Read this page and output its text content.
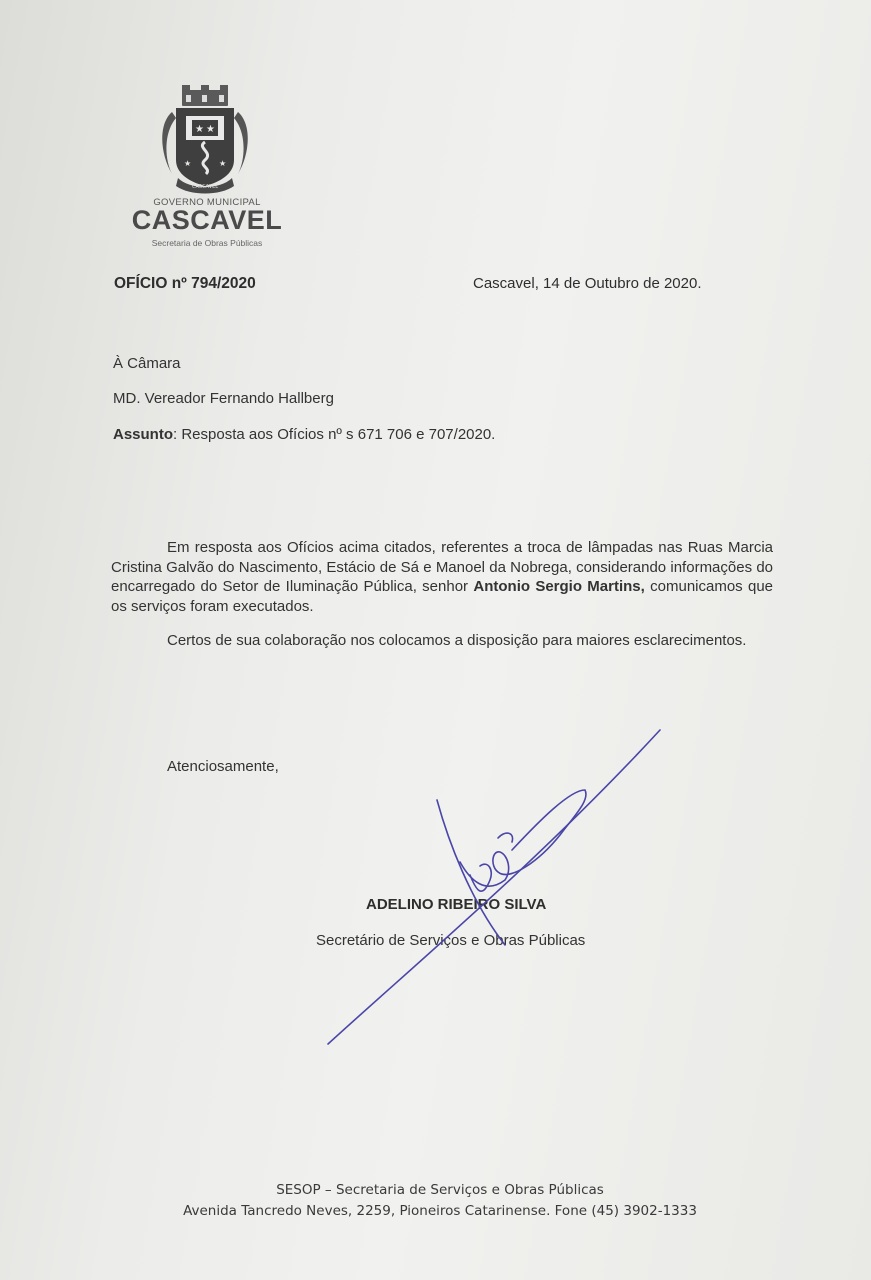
★ ★
★	★
CASCAVEL
GOVERNO MUNICIPAL
CASCAVEL
Secretaria de Obras Públicas
OFÍCIO nº 794/2020	Cascavel, 14 de Outubro de 2020.
À Câmara
MD. Vereador Fernando Hallberg
Assunto: Resposta aos Ofícios nº s 671 706 e 707/2020.
Em resposta aos Ofícios acima citados, referentes a troca de lâmpadas nas Ruas Marcia Cristina Galvão do Nascimento, Estácio de Sá e Manoel da Nobrega, considerando informações do encarregado do Setor de Iluminação Pública, senhor Antonio Sergio Martins, comunicamos que os serviços foram executados.
Certos de sua colaboração nos colocamos a disposição para maiores esclarecimentos.
Atenciosamente,
ADELINO RIBEIRO SILVA
Secretário de Serviços e Obras Públicas
SESOP – Secretaria de Serviços e Obras Públicas
Avenida Tancredo Neves, 2259, Pioneiros Catarinense. Fone (45) 3902-1333
